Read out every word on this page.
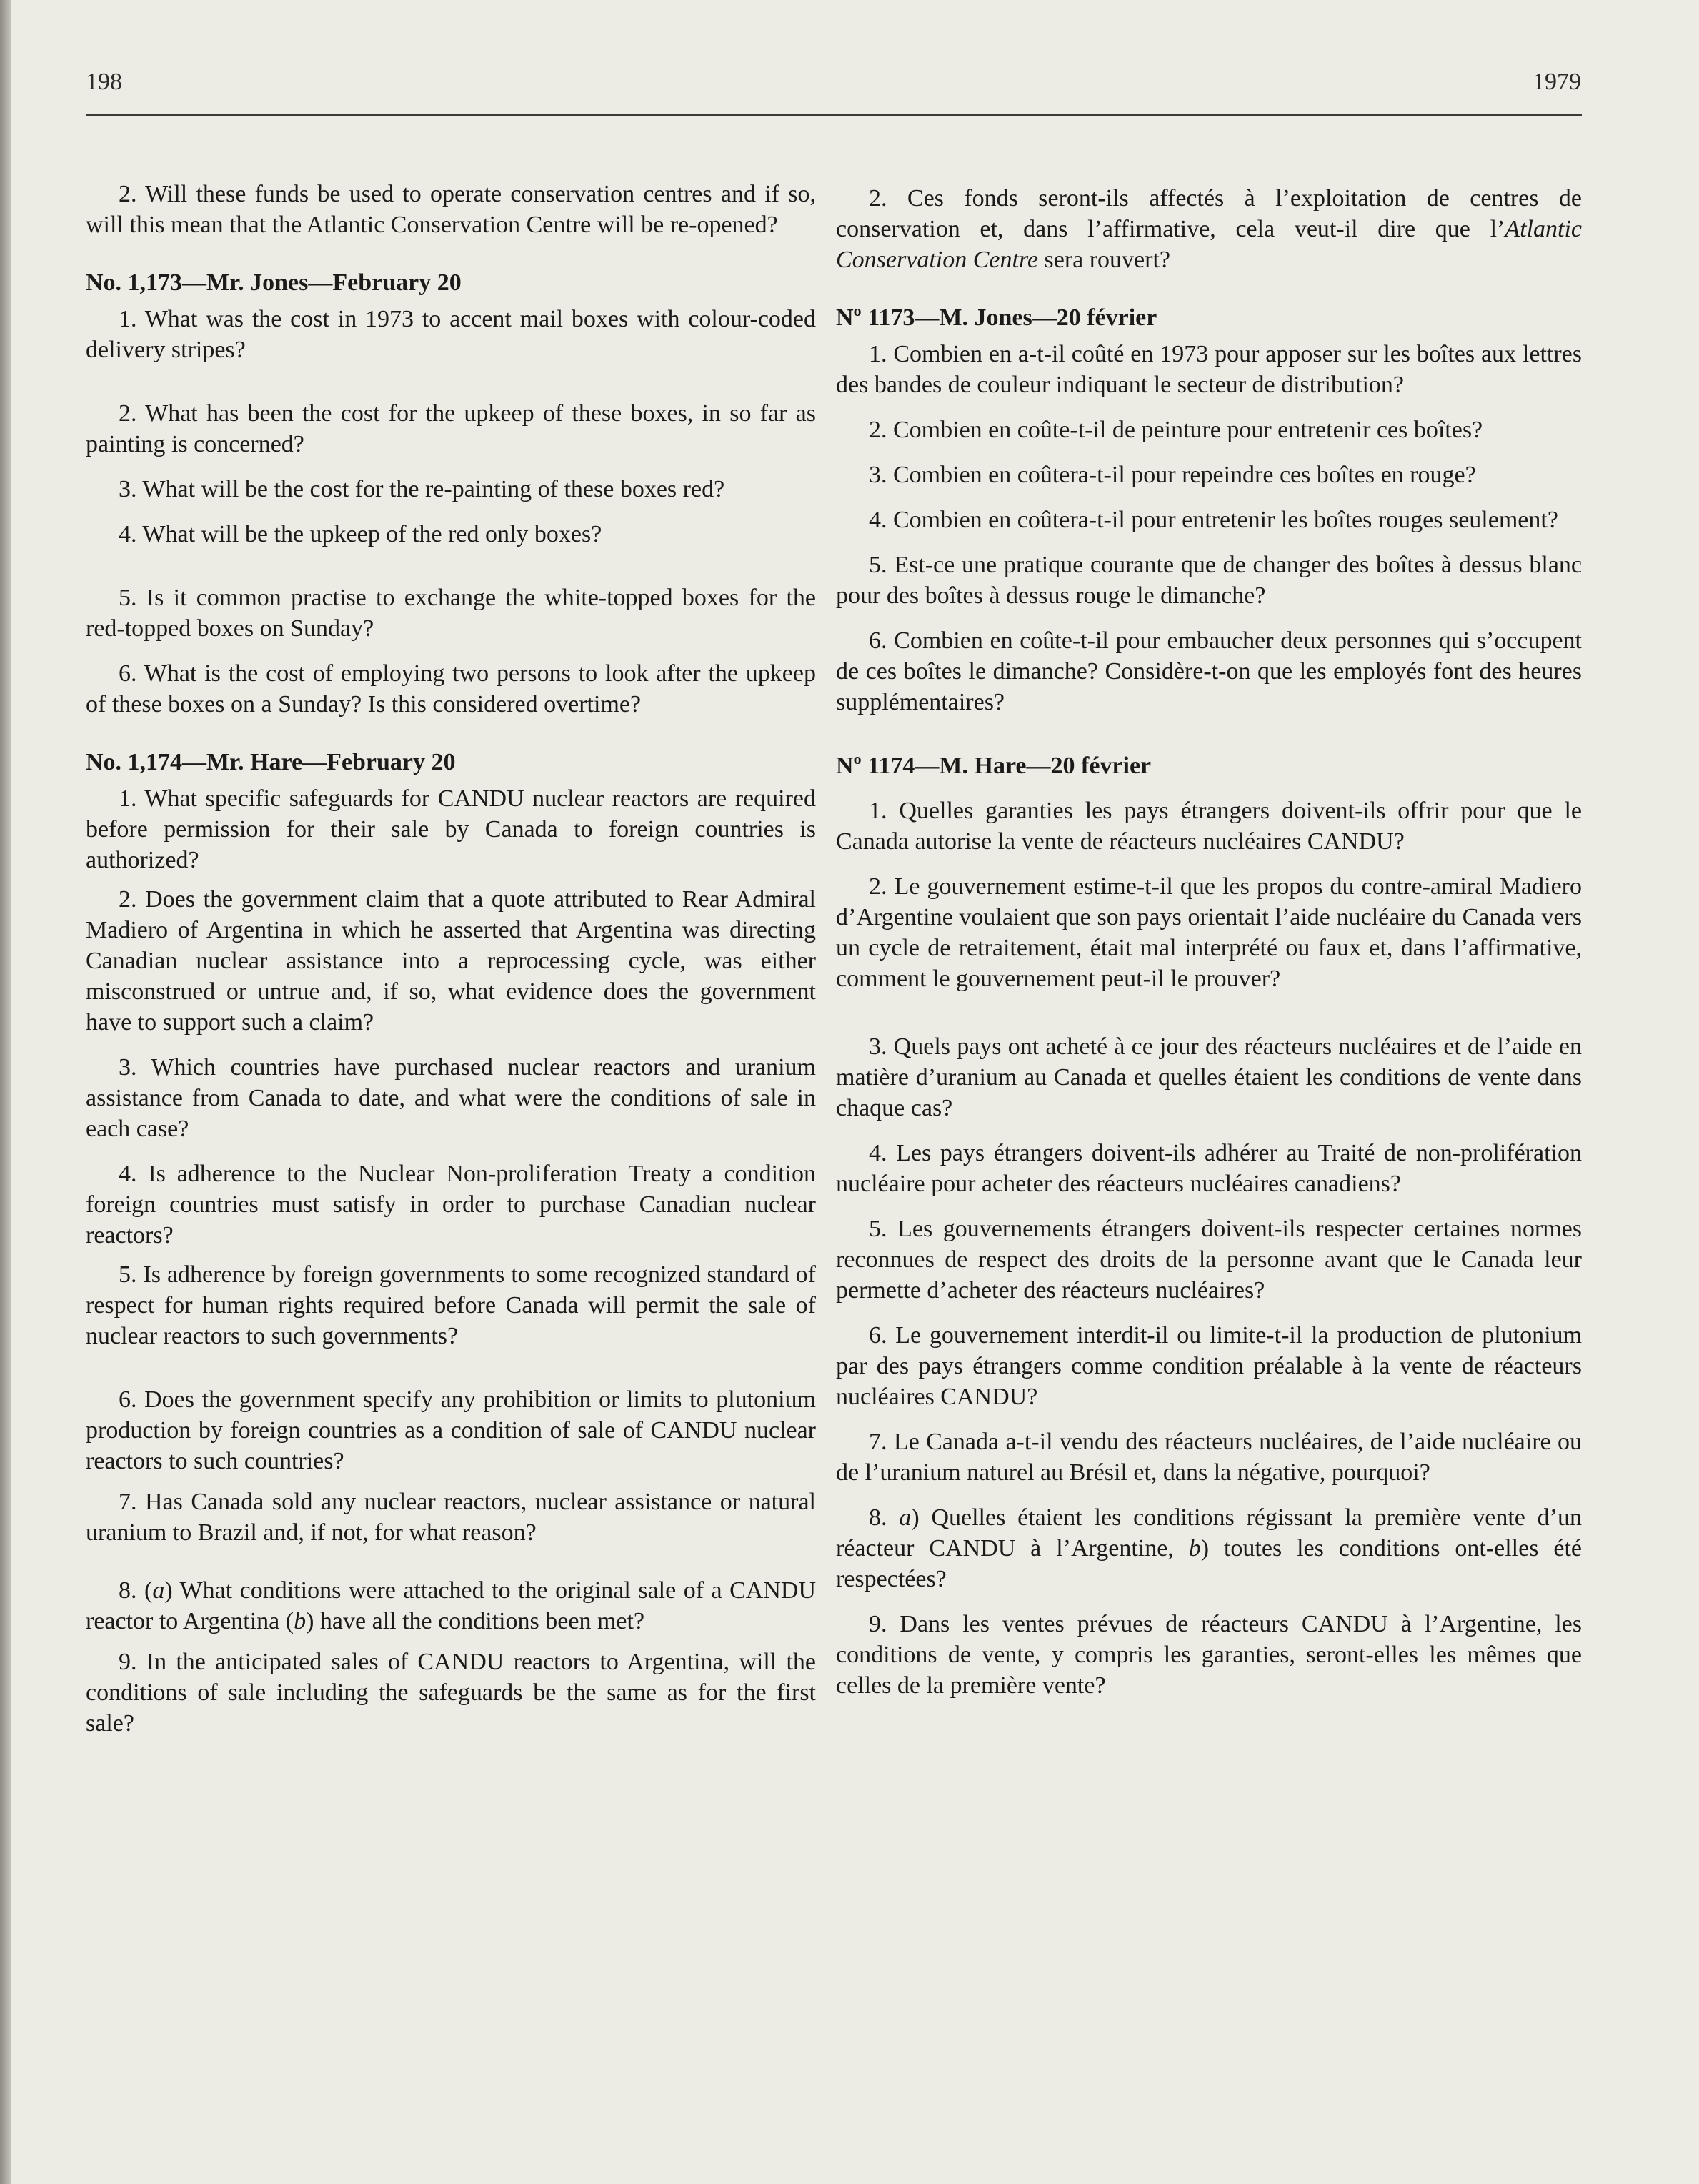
198	1979

2. Will these funds be used to operate conservation centres and if so, will this mean that the Atlantic Conservation Centre will be re-opened?

No. 1,173—Mr. Jones—February 20

1. What was the cost in 1973 to accent mail boxes with colour-coded delivery stripes?

2. What has been the cost for the upkeep of these boxes, in so far as painting is concerned?

3. What will be the cost for the re-painting of these boxes red?

4. What will be the upkeep of the red only boxes?

5. Is it common practise to exchange the white-topped boxes for the red-topped boxes on Sunday?

6. What is the cost of employing two persons to look after the upkeep of these boxes on a Sunday? Is this considered overtime?

No. 1,174—Mr. Hare—February 20

1. What specific safeguards for CANDU nuclear reactors are required before permission for their sale by Canada to foreign countries is authorized?

2. Does the government claim that a quote attributed to Rear Admiral Madiero of Argentina in which he asserted that Argentina was directing Canadian nuclear assistance into a reprocessing cycle, was either misconstrued or untrue and, if so, what evidence does the government have to support such a claim?

3. Which countries have purchased nuclear reactors and uranium assistance from Canada to date, and what were the conditions of sale in each case?

4. Is adherence to the Nuclear Non-proliferation Treaty a condition foreign countries must satisfy in order to purchase Canadian nuclear reactors?

5. Is adherence by foreign governments to some recognized standard of respect for human rights required before Canada will permit the sale of nuclear reactors to such governments?

6. Does the government specify any prohibition or limits to plutonium production by foreign countries as a condition of sale of CANDU nuclear reactors to such countries?

7. Has Canada sold any nuclear reactors, nuclear assistance or natural uranium to Brazil and, if not, for what reason?

8. (a) What conditions were attached to the original sale of a CANDU reactor to Argentina (b) have all the conditions been met?

9. In the anticipated sales of CANDU reactors to Argentina, will the conditions of sale including the safeguards be the same as for the first sale?

2. Ces fonds seront-ils affectés à l’exploitation de centres de conservation et, dans l’affirmative, cela veut-il dire que l’Atlantic Conservation Centre sera rouvert?

Nº 1173—M. Jones—20 février

1. Combien en a-t-il coûté en 1973 pour apposer sur les boîtes aux lettres des bandes de couleur indiquant le secteur de distribution?

2. Combien en coûte-t-il de peinture pour entretenir ces boîtes?

3. Combien en coûtera-t-il pour repeindre ces boîtes en rouge?

4. Combien en coûtera-t-il pour entretenir les boîtes rouges seulement?

5. Est-ce une pratique courante que de changer des boîtes à dessus blanc pour des boîtes à dessus rouge le dimanche?

6. Combien en coûte-t-il pour embaucher deux personnes qui s’occupent de ces boîtes le dimanche? Considère-t-on que les employés font des heures supplémentaires?

Nº 1174—M. Hare—20 février

1. Quelles garanties les pays étrangers doivent-ils offrir pour que le Canada autorise la vente de réacteurs nucléaires CANDU?

2. Le gouvernement estime-t-il que les propos du contre-amiral Madiero d’Argentine voulaient que son pays orientait l’aide nucléaire du Canada vers un cycle de retraitement, était mal interprété ou faux et, dans l’affirmative, comment le gouvernement peut-il le prouver?

3. Quels pays ont acheté à ce jour des réacteurs nucléaires et de l’aide en matière d’uranium au Canada et quelles étaient les conditions de vente dans chaque cas?

4. Les pays étrangers doivent-ils adhérer au Traité de non-prolifération nucléaire pour acheter des réacteurs nucléaires canadiens?

5. Les gouvernements étrangers doivent-ils respecter certaines normes reconnues de respect des droits de la personne avant que le Canada leur permette d’acheter des réacteurs nucléaires?

6. Le gouvernement interdit-il ou limite-t-il la production de plutonium par des pays étrangers comme condition préalable à la vente de réacteurs nucléaires CANDU?

7. Le Canada a-t-il vendu des réacteurs nucléaires, de l’aide nucléaire ou de l’uranium naturel au Brésil et, dans la négative, pourquoi?

8. a) Quelles étaient les conditions régissant la première vente d’un réacteur CANDU à l’Argentine, b) toutes les conditions ont-elles été respectées?

9. Dans les ventes prévues de réacteurs CANDU à l’Argentine, les conditions de vente, y compris les garanties, seront-elles les mêmes que celles de la première vente?
